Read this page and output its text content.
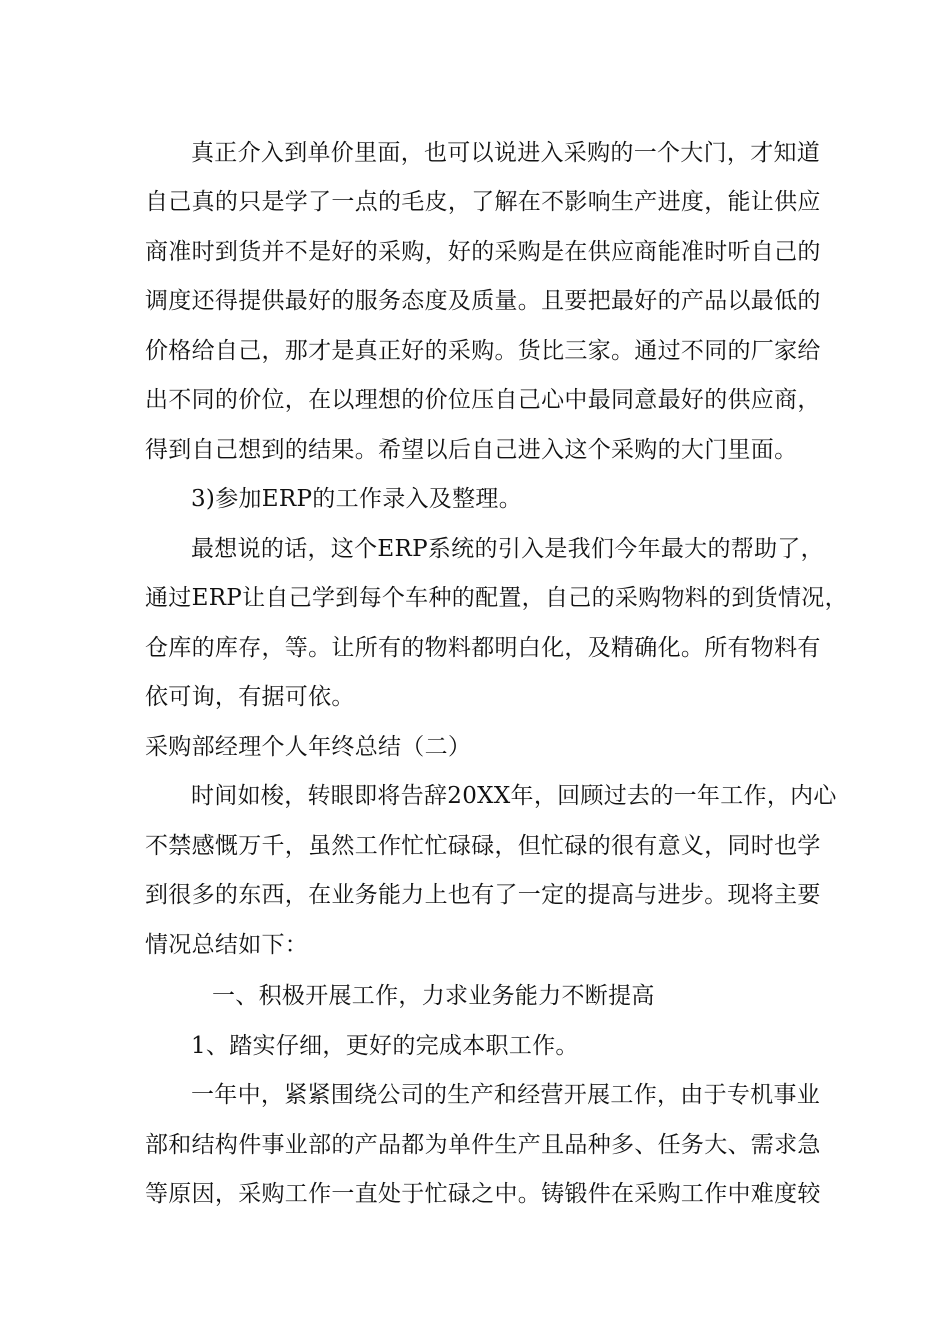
真正介入到单价里面，也可以说进入采购的一个大门，才知道
自己真的只是学了一点的毛皮，了解在不影响生产进度，能让供应
商准时到货并不是好的采购，好的采购是在供应商能准时听自己的
调度还得提供最好的服务态度及质量。且要把最好的产品以最低的
价格给自己，那才是真正好的采购。货比三家。通过不同的厂家给
出不同的价位，在以理想的价位压自己心中最同意最好的供应商，
得到自己想到的结果。希望以后自己进入这个采购的大门里面。
3)参加ERP的工作录入及整理。
最想说的话，这个ERP系统的引入是我们今年最大的帮助了，
通过ERP让自己学到每个车种的配置，自己的采购物料的到货情况，
仓库的库存，等。让所有的物料都明白化，及精确化。所有物料有
依可询，有据可依。
采购部经理个人年终总结（二）
时间如梭，转眼即将告辞20XX年，回顾过去的一年工作，内心
不禁感慨万千，虽然工作忙忙碌碌，但忙碌的很有意义，同时也学
到很多的东西，在业务能力上也有了一定的提高与进步。现将主要
情况总结如下：
一、积极开展工作，力求业务能力不断提高
1、踏实仔细，更好的完成本职工作。
一年中，紧紧围绕公司的生产和经营开展工作，由于专机事业
部和结构件事业部的产品都为单件生产且品种多、任务大、需求急
等原因，采购工作一直处于忙碌之中。铸锻件在采购工作中难度较
